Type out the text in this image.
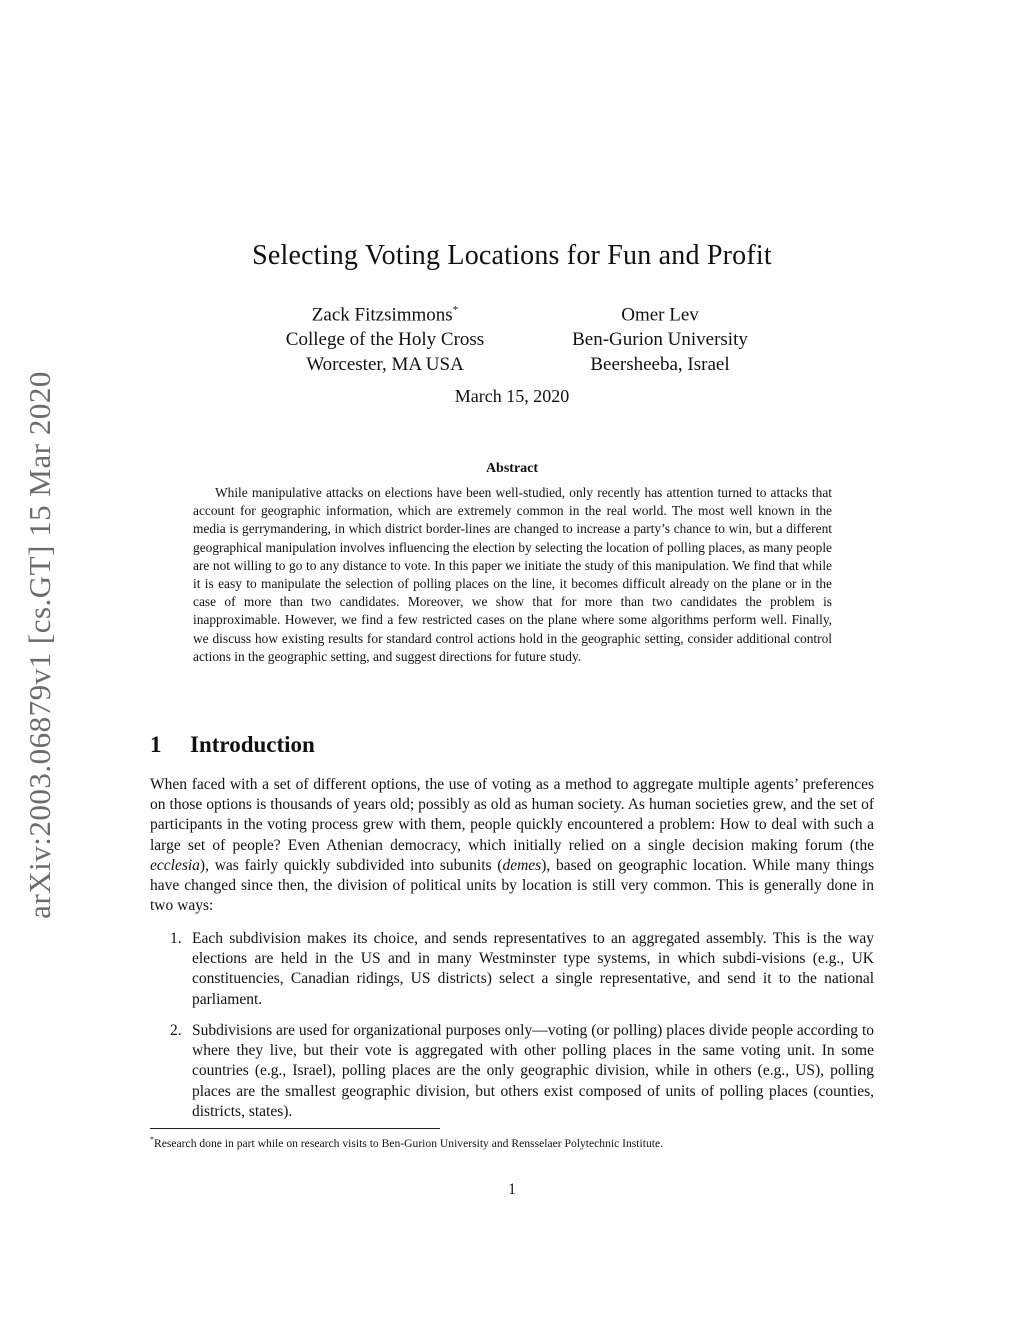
arXiv:2003.06879v1 [cs.GT] 15 Mar 2020
Selecting Voting Locations for Fun and Profit
Zack Fitzsimmons*
College of the Holy Cross
Worcester, MA USA
Omer Lev
Ben-Gurion University
Beersheeba, Israel
March 15, 2020
Abstract

While manipulative attacks on elections have been well-studied, only recently has attention turned to attacks that account for geographic information, which are extremely common in the real world. The most well known in the media is gerrymandering, in which district border-lines are changed to increase a party’s chance to win, but a different geographical manipulation involves influencing the election by selecting the location of polling places, as many people are not willing to go to any distance to vote. In this paper we initiate the study of this manipulation. We find that while it is easy to manipulate the selection of polling places on the line, it becomes difficult already on the plane or in the case of more than two candidates. Moreover, we show that for more than two candidates the problem is inapproximable. However, we find a few restricted cases on the plane where some algorithms perform well. Finally, we discuss how existing results for standard control actions hold in the geographic setting, consider additional control actions in the geographic setting, and suggest directions for future study.

1 Introduction

When faced with a set of different options, the use of voting as a method to aggregate multiple agents’ preferences on those options is thousands of years old; possibly as old as human society. As human societies grew, and the set of participants in the voting process grew with them, people quickly encountered a problem: How to deal with such a large set of people? Even Athenian democracy, which initially relied on a single decision making forum (the ecclesia), was fairly quickly subdivided into subunits (demes), based on geographic location. While many things have changed since then, the division of political units by location is still very common. This is generally done in two ways:

1. Each subdivision makes its choice, and sends representatives to an aggregated assembly. This is the way elections are held in the US and in many Westminster type systems, in which subdi-visions (e.g., UK constituencies, Canadian ridings, US districts) select a single representative, and send it to the national parliament.
2. Subdivisions are used for organizational purposes only—voting (or polling) places divide people according to where they live, but their vote is aggregated with other polling places in the same voting unit. In some countries (e.g., Israel), polling places are the only geographic division, while in others (e.g., US), polling places are the smallest geographic division, but others exist composed of units of polling places (counties, districts, states).
*Research done in part while on research visits to Ben-Gurion University and Rensselaer Polytechnic Institute.
1
